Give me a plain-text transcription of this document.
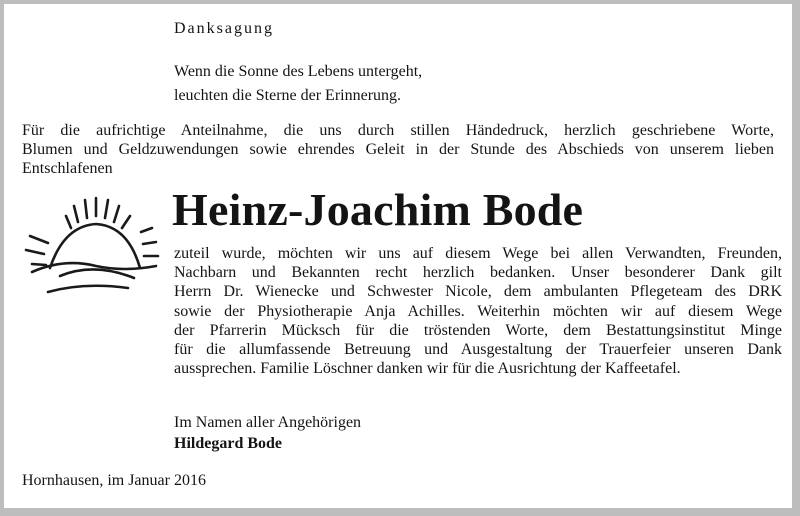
Danksagung
Wenn die Sonne des Lebens untergeht,
leuchten die Sterne der Erinnerung.
Für die aufrichtige Anteilnahme, die uns durch stillen Händedruck, herzlich geschriebene Worte,
Blumen und Geldzuwendungen sowie ehrendes Geleit in der Stunde des Abschieds von unserem lieben
Entschlafenen
Heinz-Joachim Bode
zuteil wurde, möchten wir uns auf diesem Wege bei allen Verwandten, Freunden,
Nachbarn und Bekannten recht herzlich bedanken. Unser besonderer Dank gilt
Herrn Dr. Wienecke und Schwester Nicole, dem ambulanten Pflegeteam des DRK
sowie der Physiotherapie Anja Achilles. Weiterhin möchten wir auf diesem Wege
der Pfarrerin Mücksch für die tröstenden Worte, dem Bestattungsinstitut Minge
für die allumfassende Betreuung und Ausgestaltung der Trauerfeier unseren Dank
aussprechen. Familie Löschner danken wir für die Ausrichtung der Kaffeetafel.
Im Namen aller Angehörigen
Hildegard Bode
Hornhausen, im Januar 2016
